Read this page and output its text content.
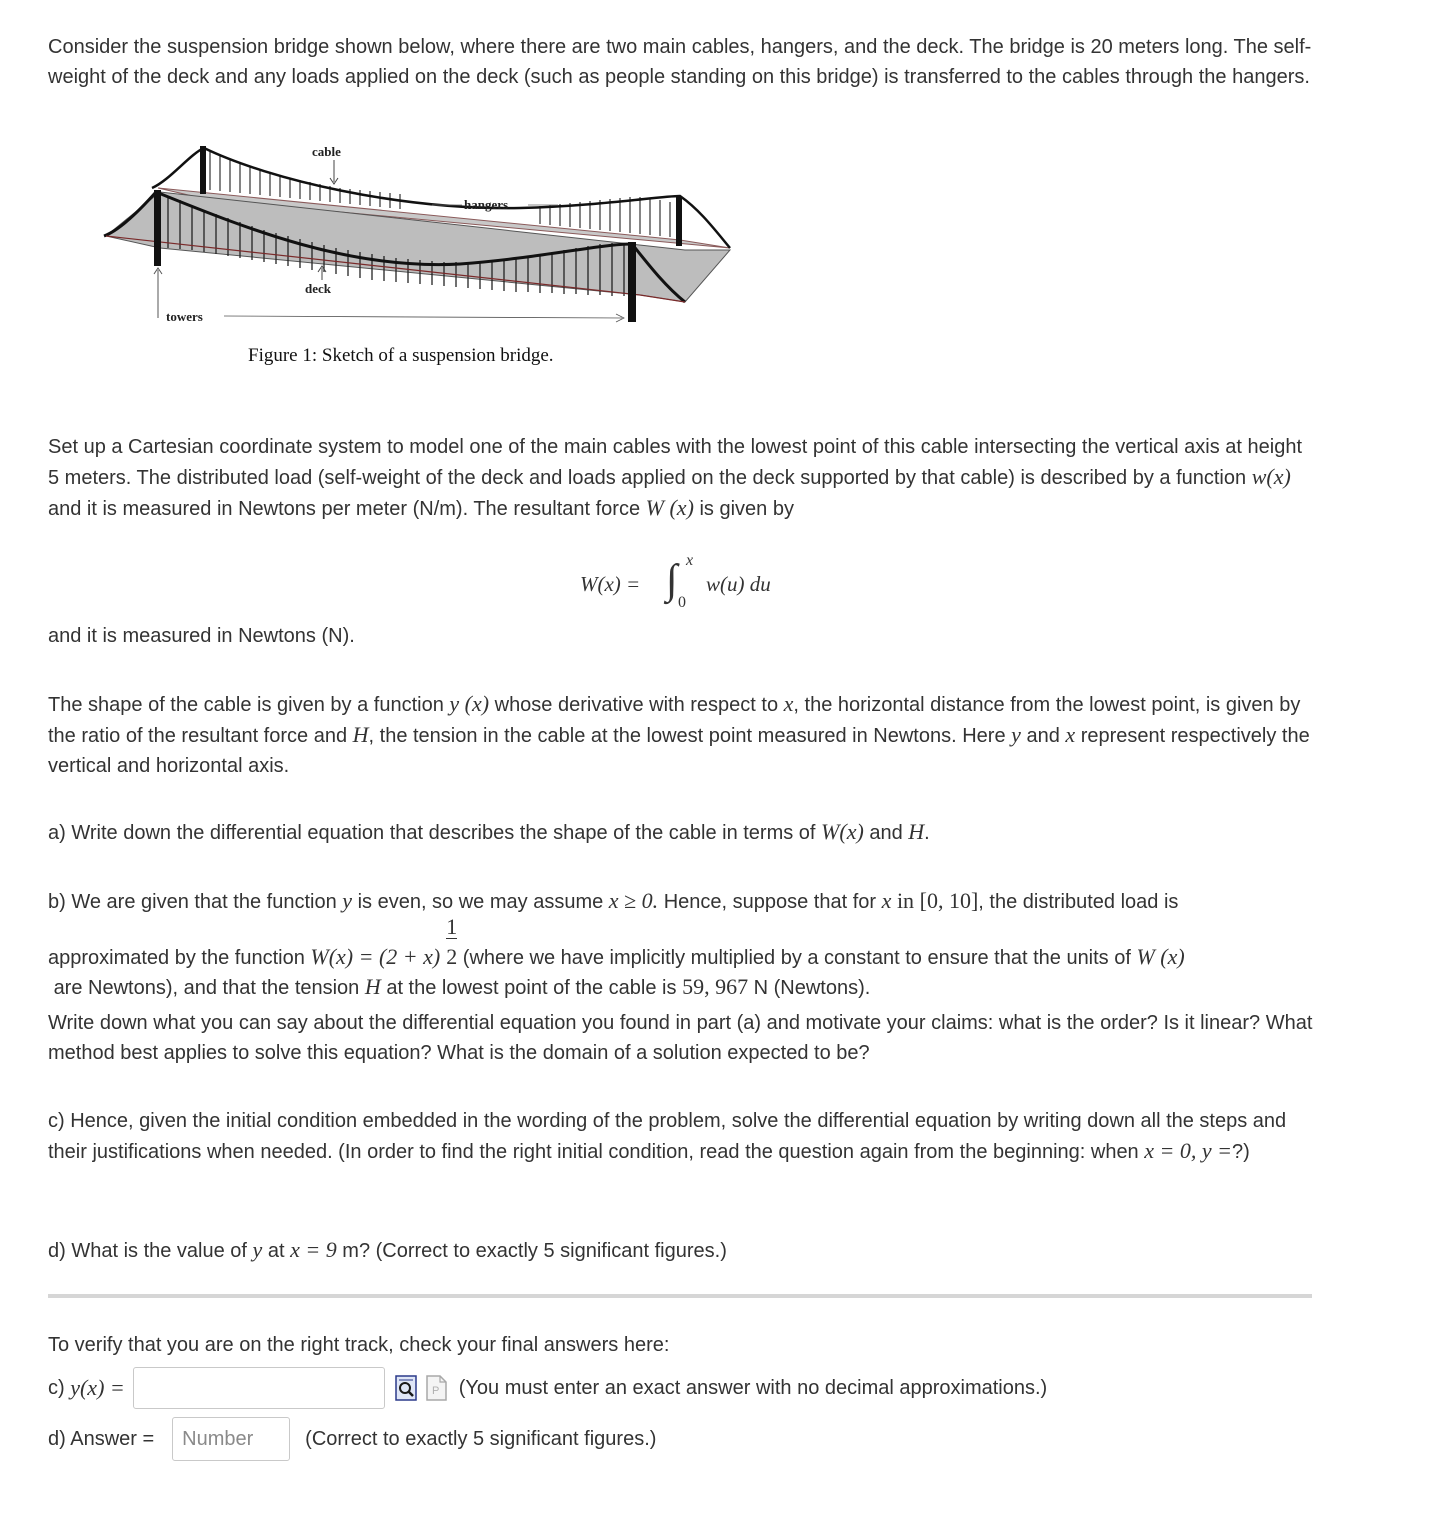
Consider the suspension bridge shown below, where there are two main cables, hangers, and the deck. The bridge is 20 meters long. The self-weight of the deck and any loads applied on the deck (such as people standing on this bridge) is transferred to the cables through the hangers.

cable
hangers
deck
towers
Figure 1: Sketch of a suspension bridge.

Set up a Cartesian coordinate system to model one of the main cables with the lowest point of this cable intersecting the vertical axis at height 5 meters. The distributed load (self-weight of the deck and loads applied on the deck supported by that cable) is described by a function w(x) and it is measured in Newtons per meter (N/m). The resultant force W (x) is given by

W(x) = ∫ x
0
w(u) du

and it is measured in Newtons (N).

The shape of the cable is given by a function y (x) whose derivative with respect to x, the horizontal distance from the lowest point, is given by the ratio of the resultant force and H, the tension in the cable at the lowest point measured in Newtons. Here y and x represent respectively the vertical and horizontal axis.

a) Write down the differential equation that describes the shape of the cable in terms of W(x) and H.

b) We are given that the function y is even, so we may assume x ≥ 0. Hence, suppose that for x in [0, 10], the distributed load is

approximated by the function $W(x) = (2 + x) \frac{1}{2}$ (where we have implicitly multiplied by a constant to ensure that the units of W (x)

are Newtons), and that the tension H at the lowest point of the cable is 59, 967 N (Newtons).

Write down what you can say about the differential equation you found in part (a) and motivate your claims: what is the order? Is it linear? What method best applies to solve this equation? What is the domain of a solution expected to be?

c) Hence, given the initial condition embedded in the wording of the problem, solve the differential equation by writing down all the steps and their justifications when needed. (In order to find the right initial condition, read the question again from the beginning: when x = 0, y =?)

d) What is the value of y at x = 9 m? (Correct to exactly 5 significant figures.)

To verify that you are on the right track, check your final answers here:

c) y(x) =	P (You must enter an exact answer with no decimal approximations.)
d) Answer =
Number	(Correct to exactly 5 significant figures.)
